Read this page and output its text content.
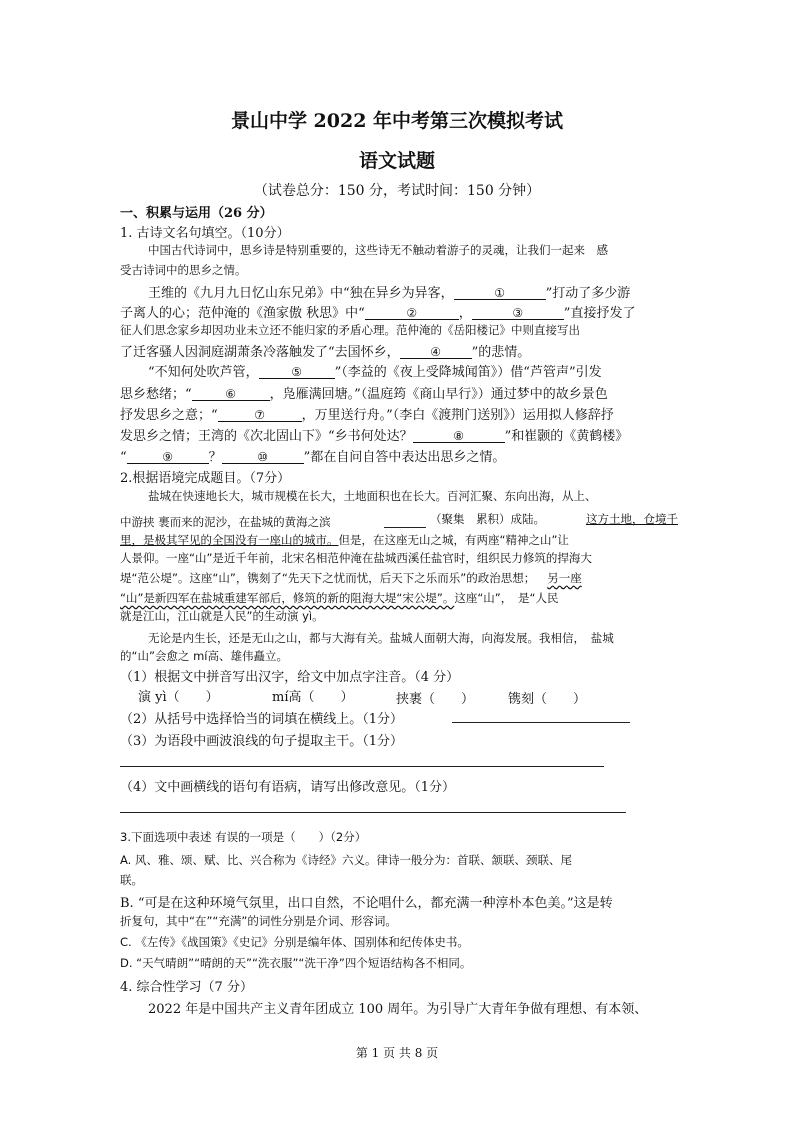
景山中学 2022 年中考第三次模拟考试
语文试题
（试卷总分：150 分，考试时间：150 分钟）
一、积累与运用（26 分）
1. 古诗文名句填空。（10分）
中国古代诗词中，思乡诗是特别重要的，这些诗无不触动着游子的灵魂，让我们一起来　感
受古诗词中的思乡之情。
王维的《九月九日忆山东兄弟》中“独在异乡为异客，	①	”打动了多少游
子离人的心；范仲淹的《渔家傲 秋思》中“	②	，	③	”直接抒发了
征人们思念家乡却因功业未立还不能归家的矛盾心理。范仲淹的《岳阳楼记》中则直接写出
了迁客骚人因洞庭湖萧条冷落触发了“去国怀乡，	④ ”的悲情。
“不知何处吹芦管，	⑤	”（李益的《夜上受降城闻笛》）借“芦管声”引发
思乡愁绪；“	⑥	，凫雁满回塘。”（温庭筠《商山早行》）通过梦中的故乡景色
抒发思乡之意；“	⑦	，万里送行舟。”（李白《渡荆门送别》）运用拟人修辞抒
发思乡之情；王湾的《次北固山下》“乡书何处达？	⑧	”和崔颢的《黄鹤楼》
“	⑨	？	⑩	”都在自问自答中表达出思乡之情。
2.根据语境完成题目。（7分）
盐城在快速地长大，城市规模在长大，土地面积也在长大。百河汇聚、东向出海，从上、
中游挟 裹而来的泥沙，在盐城的黄海之滨	（聚集　累积）成陆。	这方土地，仓境千
里，是极其罕见的全国没有一座山的城市。但是，在这座无山之城，有两座“精神之山”让
人景仰。一座“山”是近千年前，北宋名相范仲淹在盐城西溪任盐官时，组织民力修筑的捍海大
堤“范公堤”。这座“山”，镌刻了“先天下之忧而忧，后天下之乐而乐”的政治思想； 另一座
“山”是新四军在盐城重建军部后，修筑的新的阻海大堤“宋公堤”。这座“山”，　是“人民
就是江山，江山就是人民”的生动演 yì。
无论是内生长，还是无山之山，都与大海有关。盐城人面朝大海，向海发展。我相信，　盐城
的“山”会愈之 mí高、雄伟矗立。
（1）根据文中拼音写出汉字，给文中加点字注音。（4 分）
演 yì（　　）	mí高（　　）	挟裹（　　）	镌刻（　　）
（2）从括号中选择恰当的词填在横线上。（1分）
（3）为语段中画波浪线的句子提取主干。（1分）
（4）文中画横线的语句有语病，请写出修改意见。（1分）
3.下面选项中表述 有误的一项是（　　）（2分）
A. 风、雅、颂、赋、比、兴合称为《诗经》六义。律诗一般分为：首联、颔联、颈联、尾
联。
B. “可是在这种环境气氛里，出口自然，不论唱什么，都充满一种淳朴本色美。”这是转
折复句，其中“在”“充满”的词性分别是介词、形容词。
C. 《左传》《战国策》《史记》分别是编年体、国别体和纪传体史书。
D. “天气晴朗”“晴朗的天”“洗衣服”“洗干净”四个短语结构各不相同。
4. 综合性学习（7 分）
2022 年是中国共产主义青年团成立 100 周年。为引导广大青年争做有理想、有本领、
第 1 页 共 8 页
